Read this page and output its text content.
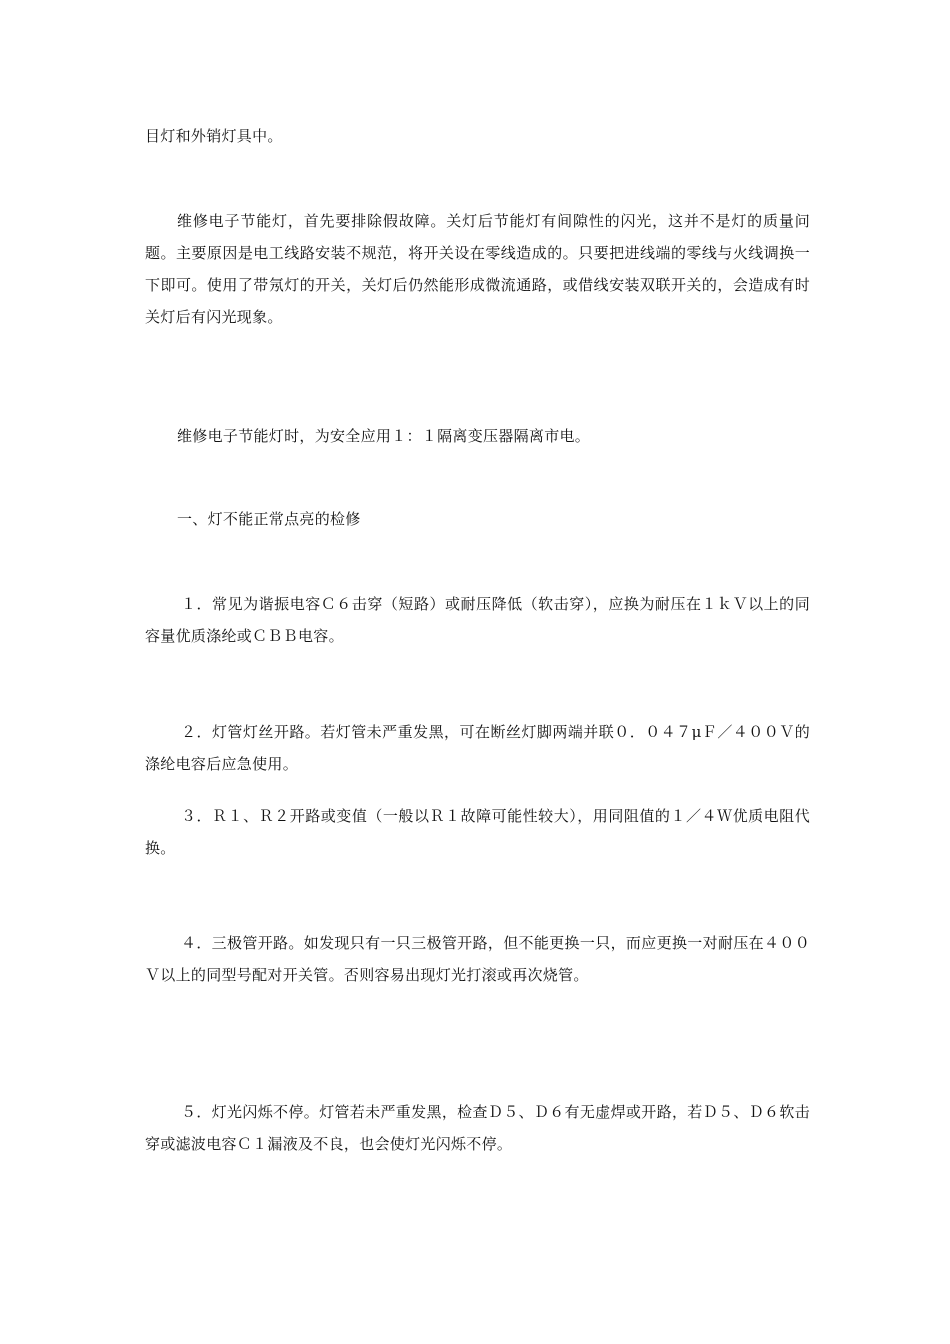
目灯和外销灯具中。

维修电子节能灯，首先要排除假故障。关灯后节能灯有间隙性的闪光，这并不是灯的质量问题。主要原因是电工线路安装不规范，将开关设在零线造成的。只要把进线端的零线与火线调换一下即可。使用了带氖灯的开关，关灯后仍然能形成微流通路，或借线安装双联开关的，会造成有时关灯后有闪光现象。

维修电子节能灯时，为安全应用１：１隔离变压器隔离市电。

一、灯不能正常点亮的检修

１．常见为谐振电容Ｃ６击穿（短路）或耐压降低（软击穿），应换为耐压在１ｋＶ以上的同容量优质涤纶或ＣＢＢ电容。

２．灯管灯丝开路。若灯管未严重发黑，可在断丝灯脚两端并联０．０４７μＦ／４００Ｖ的涤纶电容后应急使用。

３．Ｒ１、Ｒ２开路或变值（一般以Ｒ１故障可能性较大），用同阻值的１／４Ｗ优质电阻代换。

４．三极管开路。如发现只有一只三极管开路，但不能更换一只，而应更换一对耐压在４００Ｖ以上的同型号配对开关管。否则容易出现灯光打滚或再次烧管。

５．灯光闪烁不停。灯管若未严重发黑，检查Ｄ５、Ｄ６有无虚焊或开路，若Ｄ５、Ｄ６软击穿或滤波电容Ｃ１漏液及不良，也会使灯光闪烁不停。
